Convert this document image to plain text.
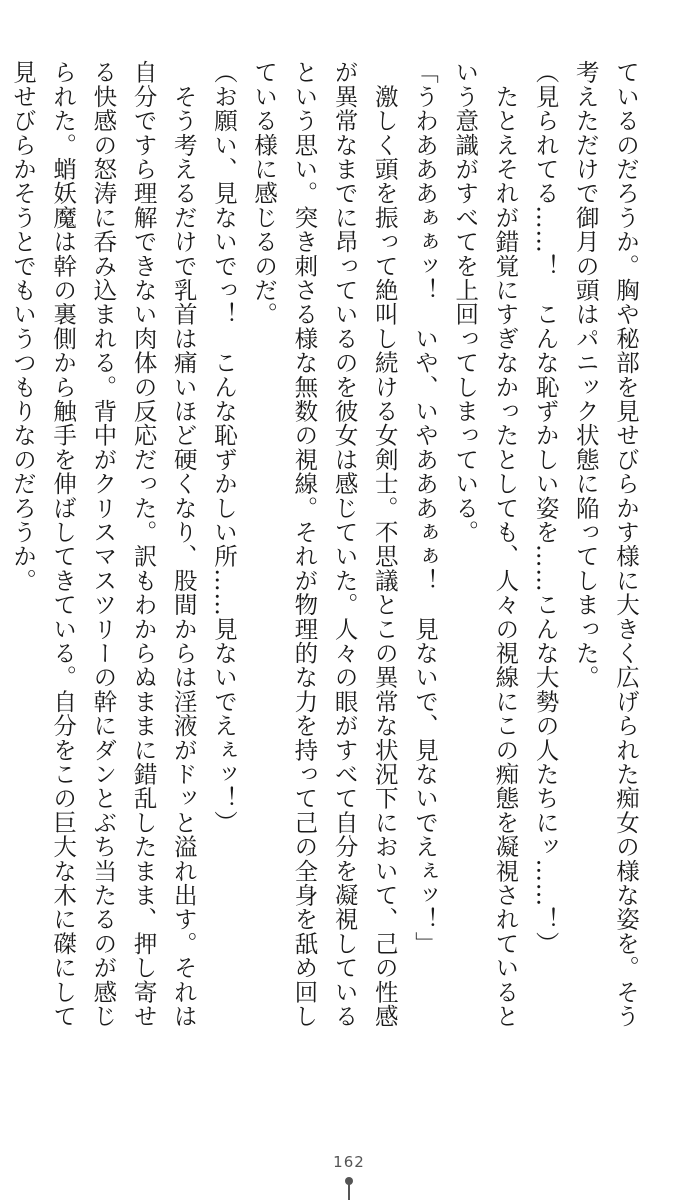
ているのだろうか。胸や秘部を見せびらかす様に大きく広げられた痴女の様な姿を。そう
考えただけで御月の頭はパニック状態に陥ってしまった。
（見られてる……！　こんな恥ずかしい姿を……こんな大勢の人たちにッ……！）
　たとえそれが錯覚にすぎなかったとしても、人々の視線にこの痴態を凝視されていると
いう意識がすべてを上回ってしまっている。
「うわあああぁぁッ！　いや、いやあああぁぁ！　見ないで、見ないでえぇッ！」
　激しく頭を振って絶叫し続ける女剣士。不思議とこの異常な状況下において、己の性感
が異常なまでに昂っているのを彼女は感じていた。人々の眼がすべて自分を凝視している
という思い。突き刺さる様な無数の視線。それが物理的な力を持って己の全身を舐め回し
ている様に感じるのだ。
（お願い、見ないでっ！　こんな恥ずかしい所……見ないでえぇッ！）
　そう考えるだけで乳首は痛いほど硬くなり、股間からは淫液がドッと溢れ出す。それは
自分ですら理解できない肉体の反応だった。訳もわからぬままに錯乱したまま、押し寄せ
る快感の怒涛に呑み込まれる。背中がクリスマスツリーの幹にダンとぶち当たるのが感じ
られた。蛸妖魔は幹の裏側から触手を伸ばしてきている。自分をこの巨大な木に磔にして
見せびらかそうとでもいうつもりなのだろうか。
162
